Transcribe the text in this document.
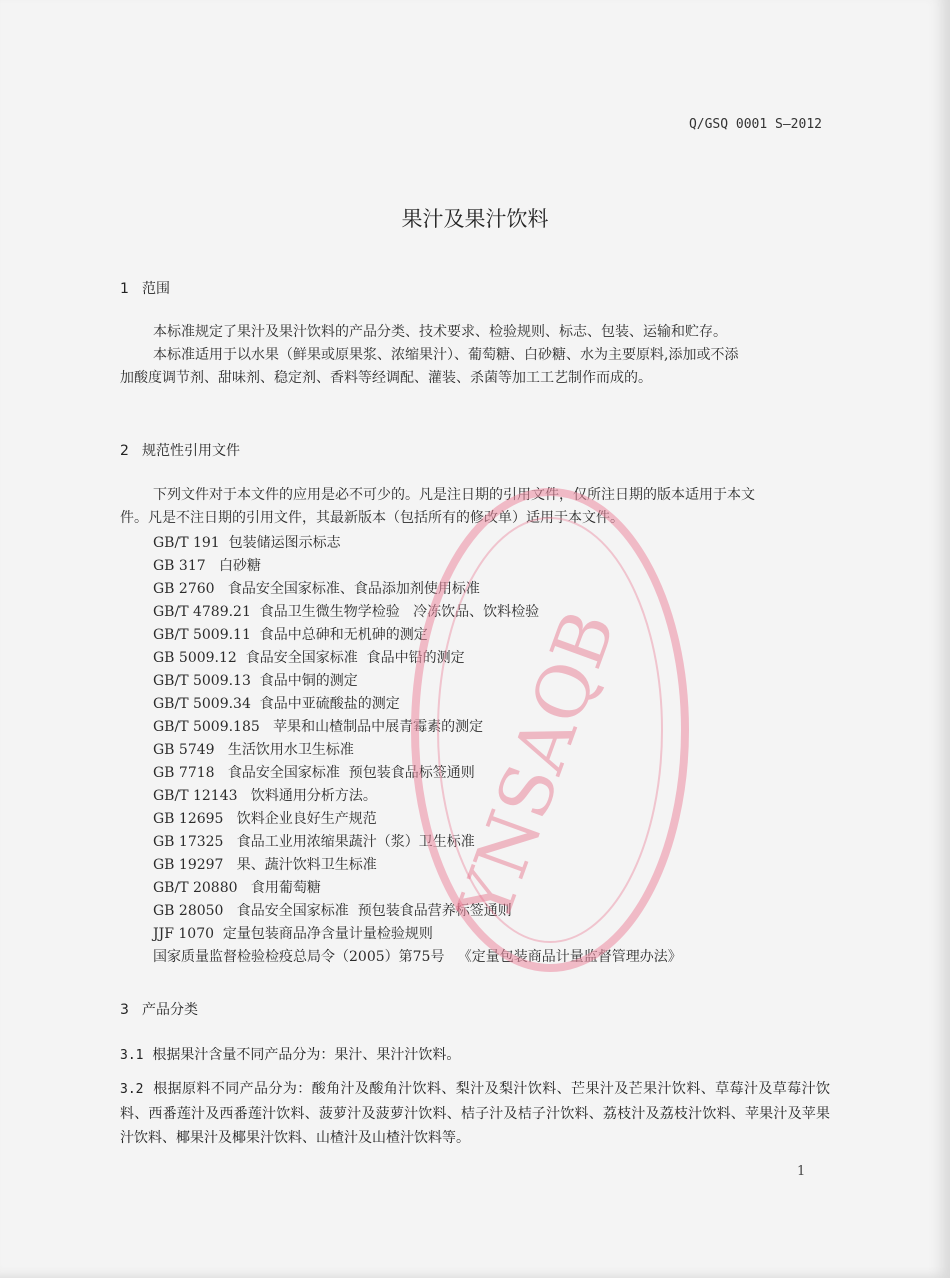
Q/GSQ 0001 S—2012
果汁及果汁饮料
1 范围
本标准规定了果汁及果汁饮料的产品分类、技术要求、检验规则、标志、包装、运输和贮存。
本标准适用于以水果（鲜果或原果浆、浓缩果汁）、葡萄糖、白砂糖、水为主要原料,添加或不添
加酸度调节剂、甜味剂、稳定剂、香料等经调配、灌装、杀菌等加工工艺制作而成的。
2 规范性引用文件
下列文件对于本文件的应用是必不可少的。凡是注日期的引用文件，仅所注日期的版本适用于本文
件。凡是不注日期的引用文件，其最新版本（包括所有的修改单）适用于本文件。
GB/T 191  包装储运图示标志
GB 317   白砂糖
GB 2760   食品安全国家标准、食品添加剂使用标准
GB/T 4789.21  食品卫生微生物学检验   冷冻饮品、饮料检验
GB/T 5009.11  食品中总砷和无机砷的测定
GB 5009.12  食品安全国家标准  食品中铅的测定
GB/T 5009.13  食品中铜的测定
GB/T 5009.34  食品中亚硫酸盐的测定
GB/T 5009.185   苹果和山楂制品中展青霉素的测定
GB 5749   生活饮用水卫生标准
GB 7718   食品安全国家标准  预包装食品标签通则
GB/T 12143   饮料通用分析方法。
GB 12695   饮料企业良好生产规范
GB 17325   食品工业用浓缩果蔬汁（浆）卫生标准
GB 19297   果、蔬汁饮料卫生标准
GB/T 20880   食用葡萄糖
GB 28050   食品安全国家标准  预包装食品营养标签通则
JJF 1070  定量包装商品净含量计量检验规则
国家质量监督检验检疫总局令（2005）第75号   《定量包装商品计量监督管理办法》
3 产品分类
3.1 根据果汁含量不同产品分为：果汁、果汁汁饮料。
3.2 根据原料不同产品分为：酸角汁及酸角汁饮料、梨汁及梨汁饮料、芒果汁及芒果汁饮料、草莓汁及草莓汁饮料、西番莲汁及西番莲汁饮料、菠萝汁及菠萝汁饮料、桔子汁及桔子汁饮料、荔枝汁及荔枝汁饮料、苹果汁及苹果汁饮料、椰果汁及椰果汁饮料、山楂汁及山楂汁饮料等。
1
YNSAQB
